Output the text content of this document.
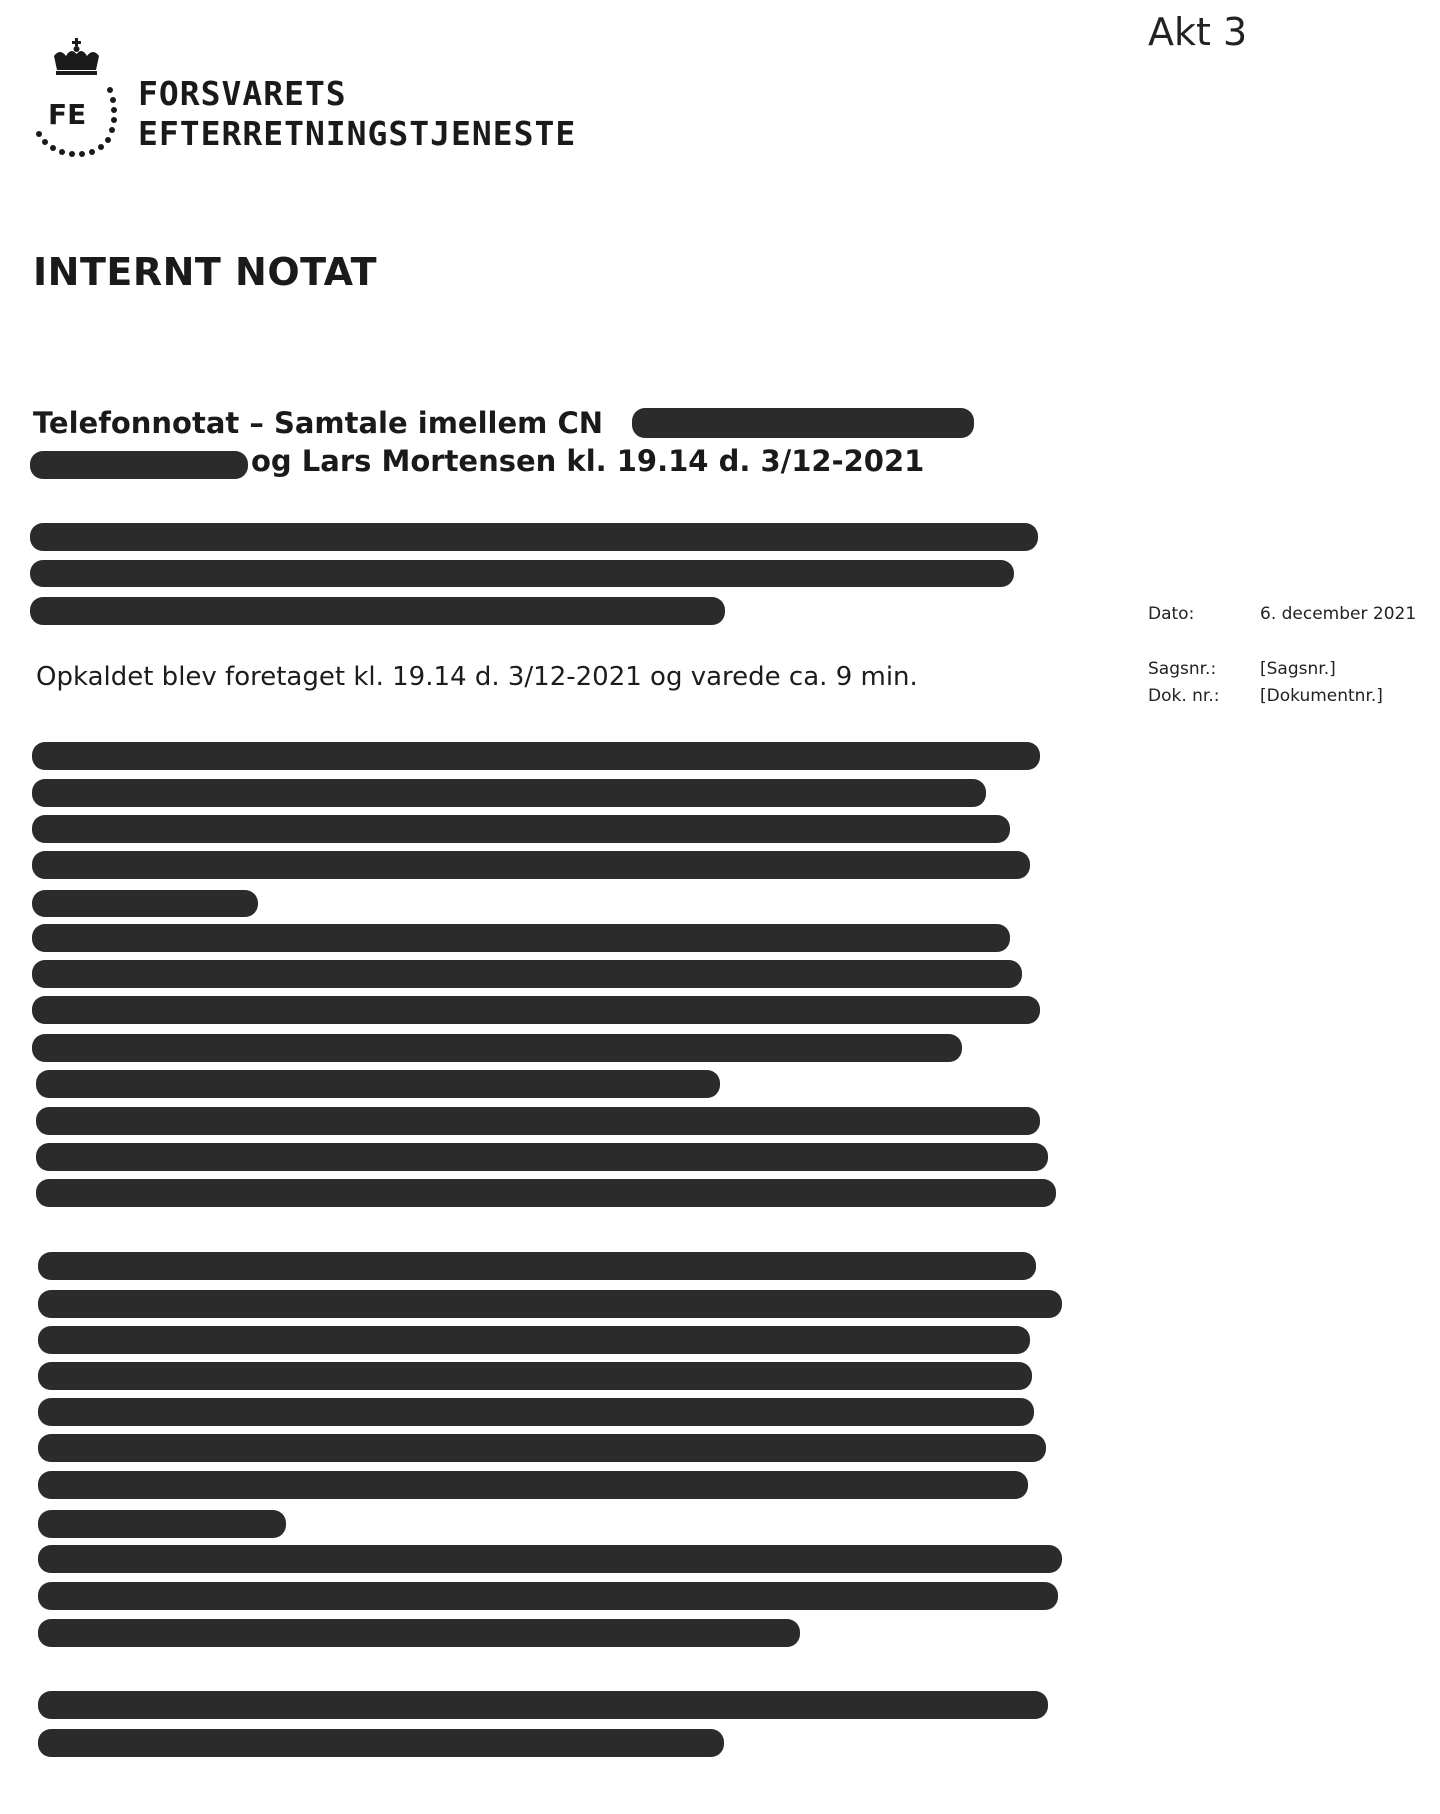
Akt 3
FE
FORSVARETS
EFTERRETNINGSTJENESTE
INTERNT NOTAT
Telefonnotat – Samtale imellem CN
og Lars Mortensen kl. 19.14 d. 3/12-2021
Opkaldet blev foretaget kl. 19.14 d. 3/12-2021 og varede ca. 9 min.
Dato:	6. december 2021
Sagsnr.:	[Sagsnr.]
Dok. nr.: [Dokumentnr.]
